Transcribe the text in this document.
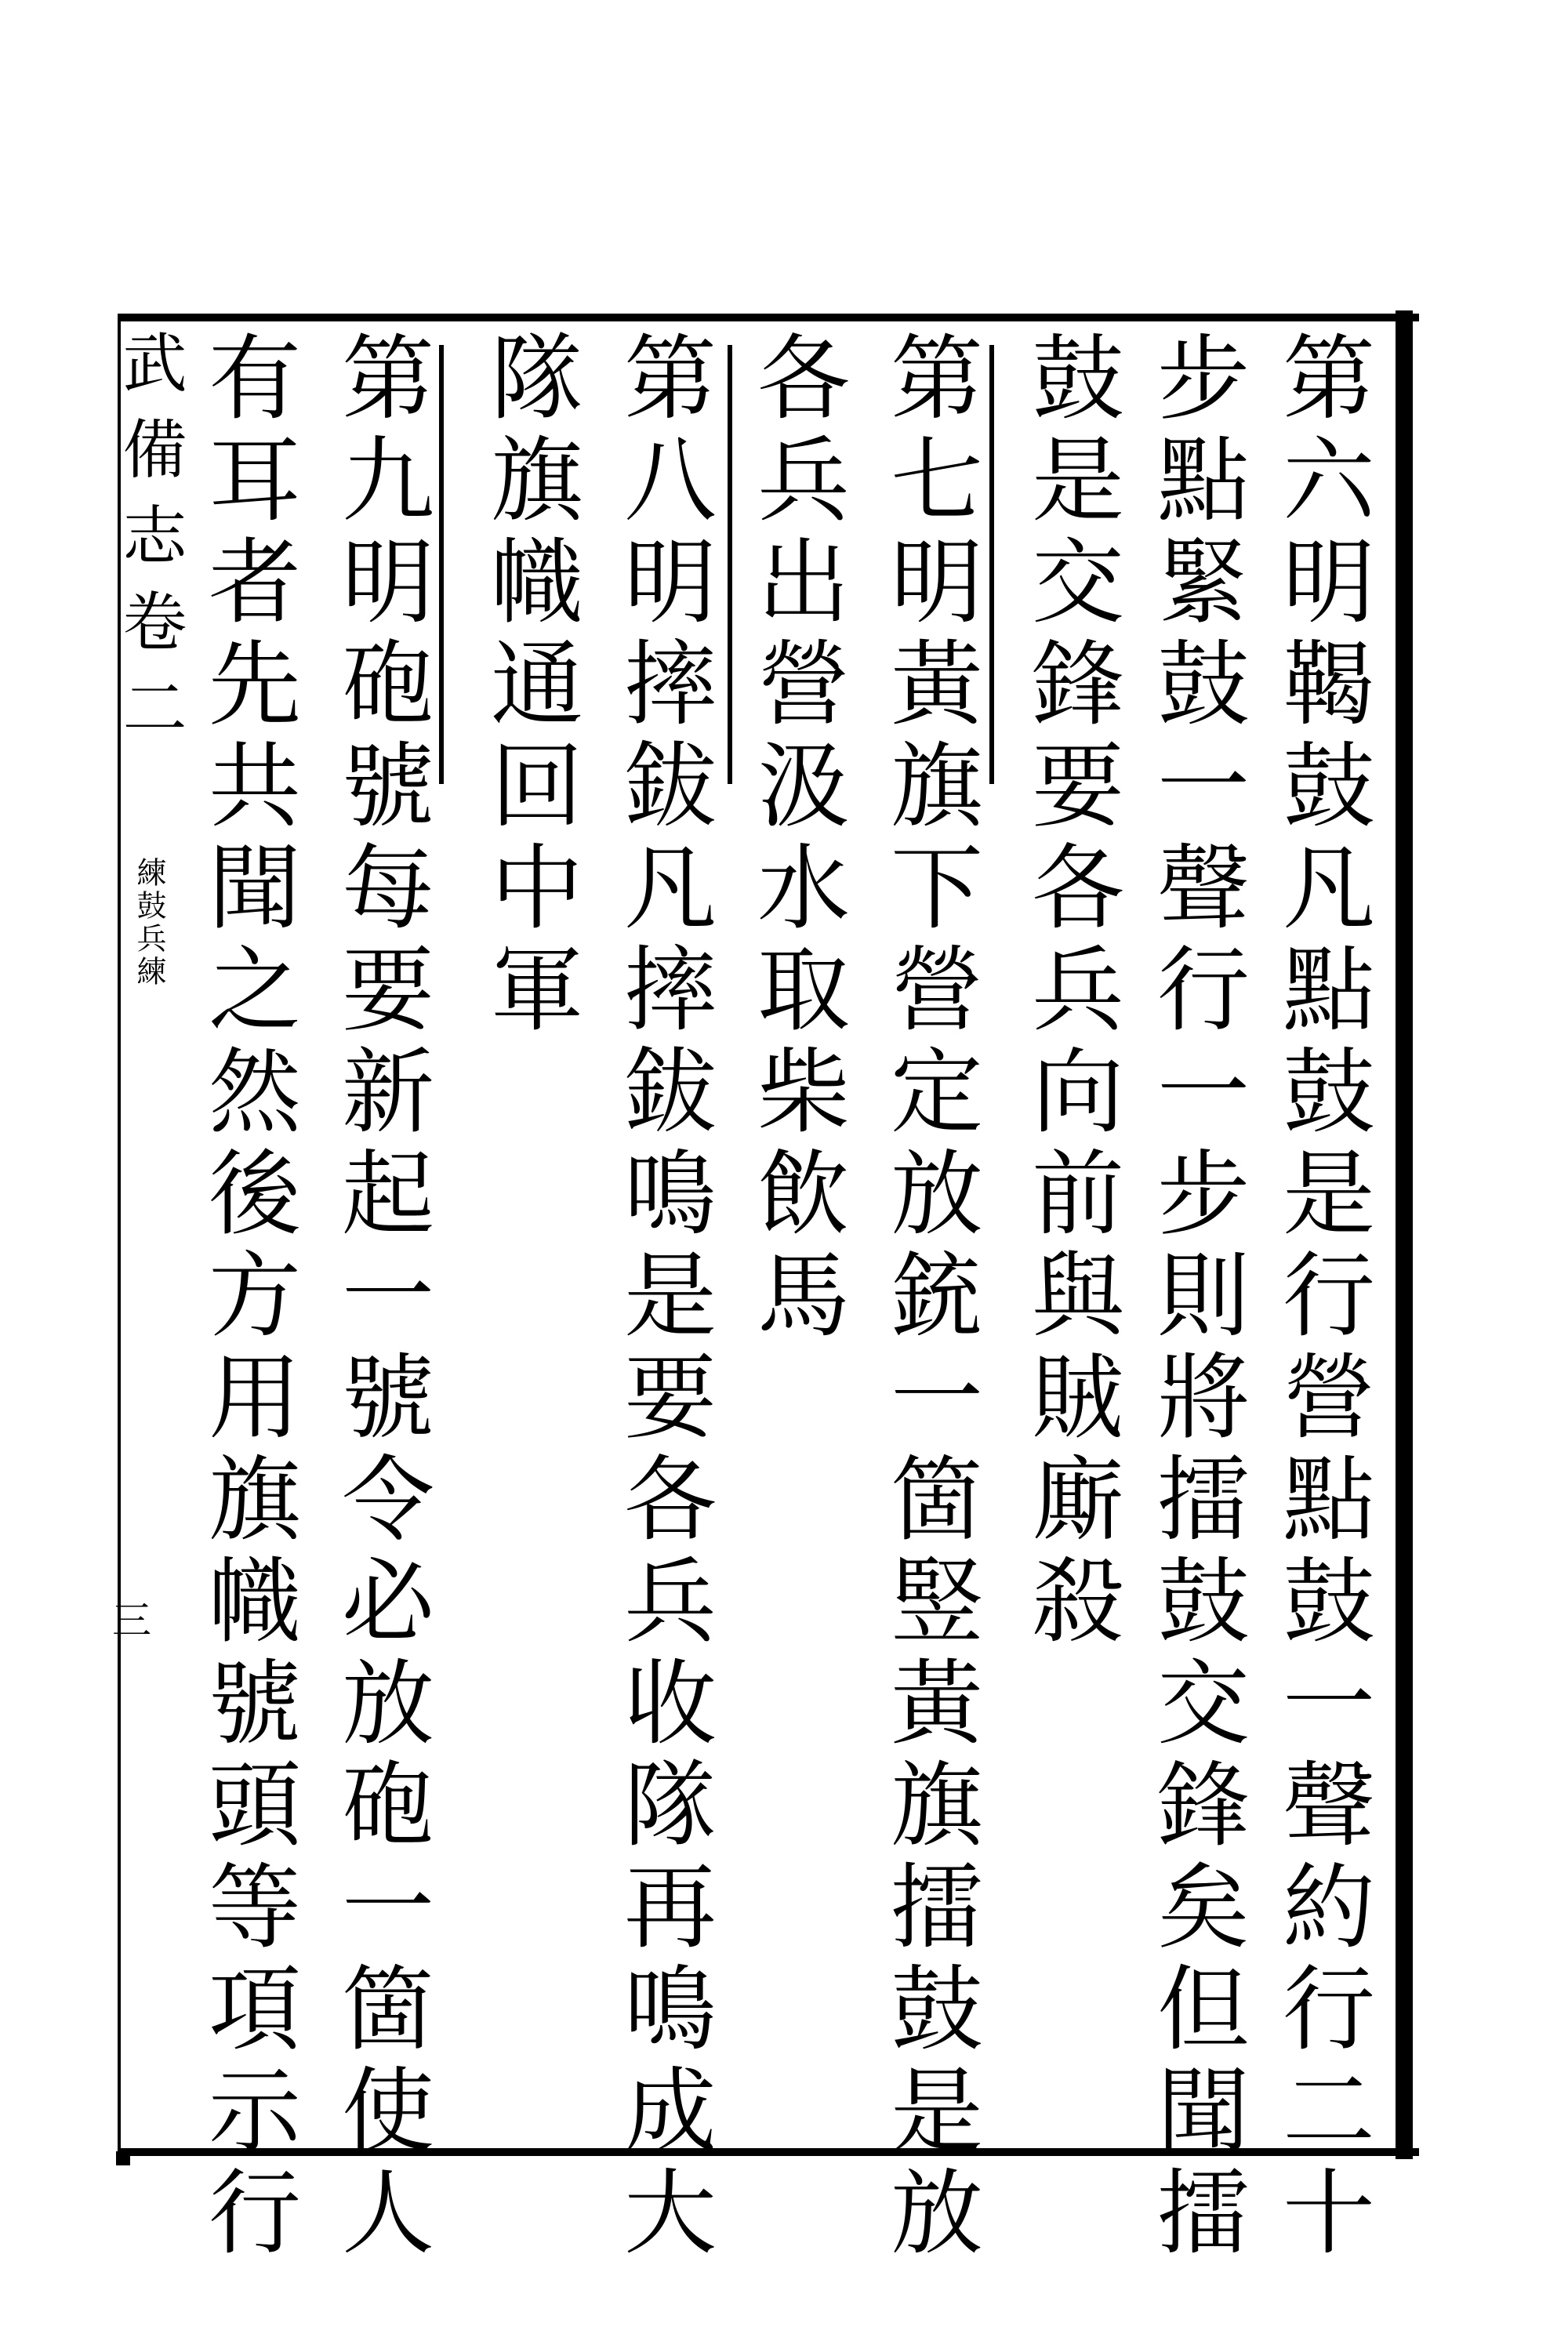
第六明鞨鼓凡點鼓是行營點鼓一聲約行二十
步點緊鼓一聲行一步則將擂鼓交鋒矣但聞擂
鼓是交鋒要各兵向前與賊廝殺
第七明黃旗下營定放銃一箇竪黃旗擂鼓是放
各兵出營汲水取柴飲馬
第八明摔鈸凡摔鈸鳴是要各兵收隊再鳴成大
隊旗幟通回中軍
第九明砲號每要新起一號令必放砲一箇使人
有耳者先共聞之然後方用旗幟號頭等項示行
武備志卷二 練鼓兵練
三
